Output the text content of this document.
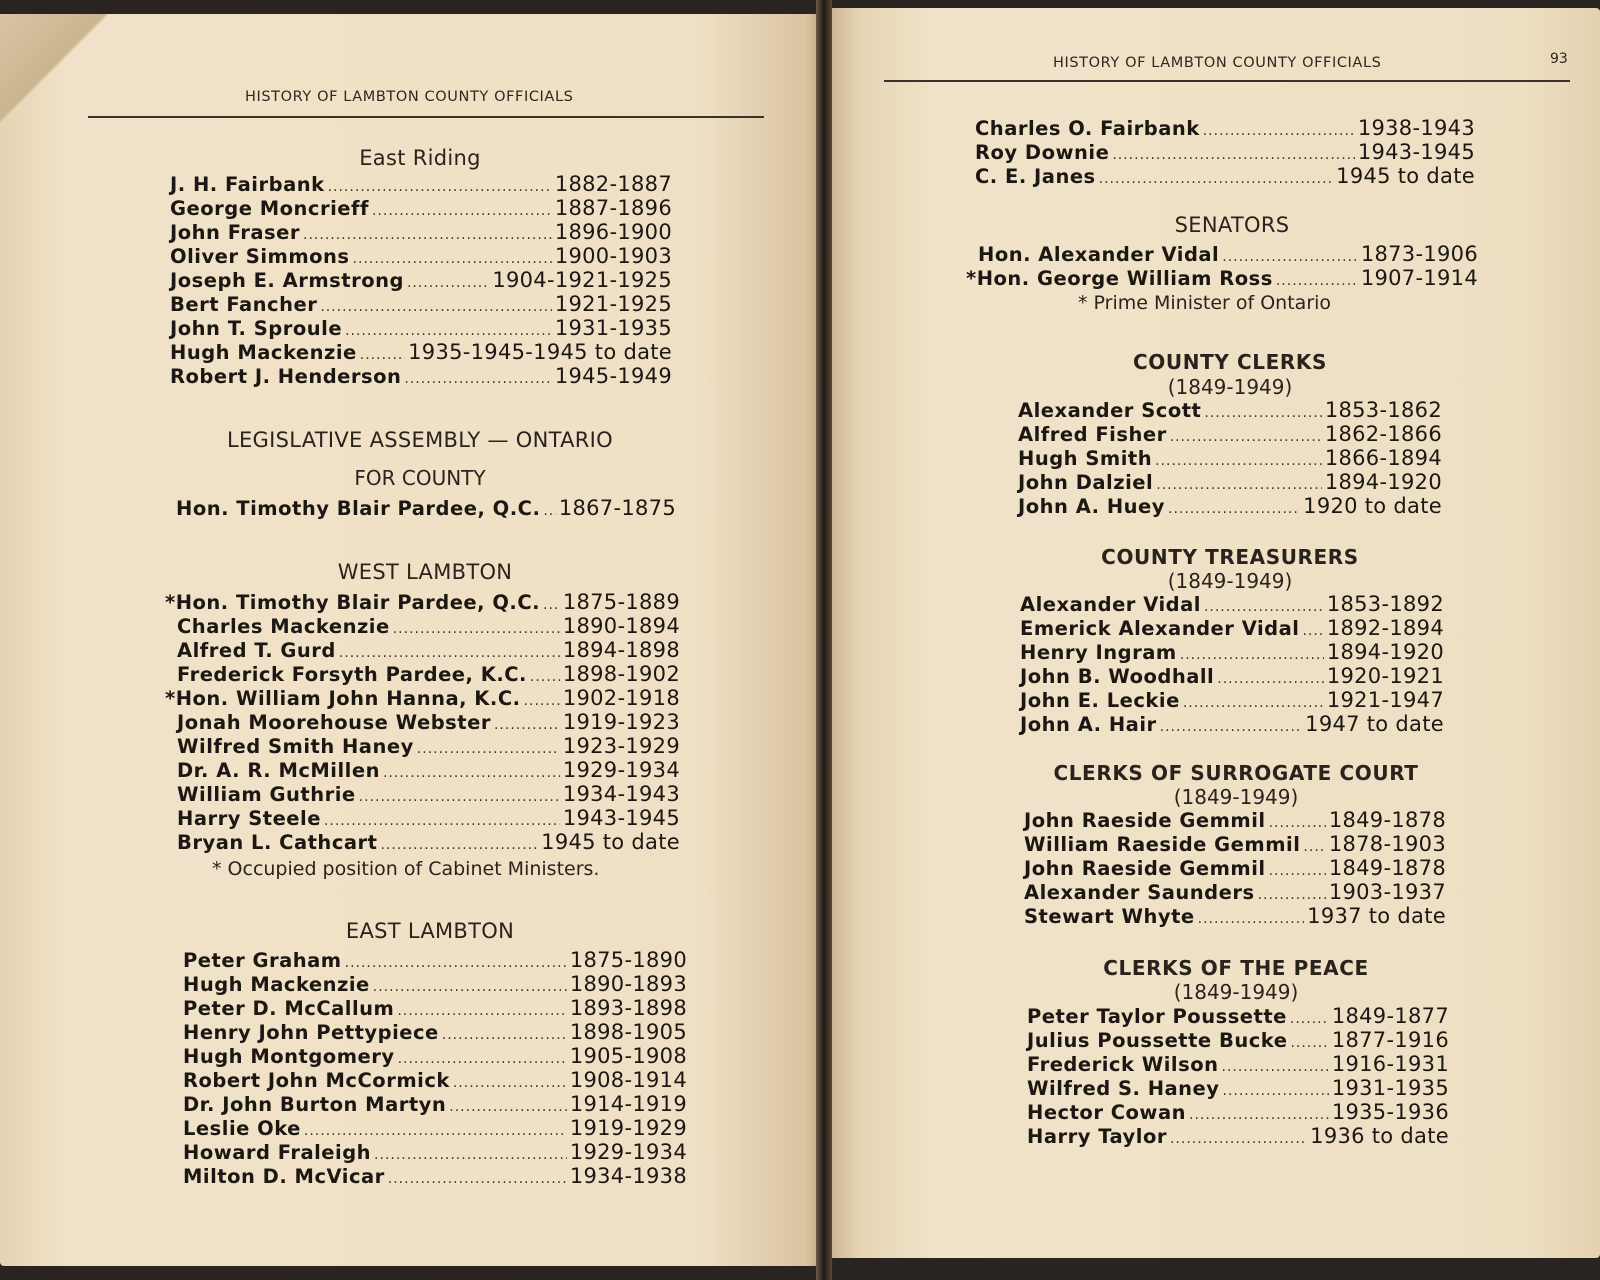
HISTORY OF LAMBTON COUNTY OFFICIALS
East Riding
J. H. Fairbank .....	1882-1887
George Moncrieff .....	1887-1896
John Fraser .....	1896-1900
Oliver Simmons .....	1900-1903
Joseph E. Armstrong .....	1904-1921-1925
Bert Fancher .....	1921-1925
John T. Sproule .....	1931-1935
Hugh Mackenzie ..... 1935-1945-1945 to date
Robert J. Henderson .....	1945-1949
LEGISLATIVE ASSEMBLY — ONTARIO
FOR COUNTY
Hon. Timothy Blair Pardee, Q.C. ..... 1867-1875
WEST LAMBTON
*Hon. Timothy Blair Pardee, Q.C. ..... 1875-1889
Charles Mackenzie .....	1890-1894
Alfred T. Gurd .....	1894-1898
Frederick Forsyth Pardee, K.C. ..... 1898-1902
*Hon. William John Hanna, K.C. ..... 1902-1918
Jonah Moorehouse Webster .....	1919-1923
Wilfred Smith Haney .....	1923-1929
Dr. A. R. McMillen .....	1929-1934
William Guthrie .....	1934-1943
Harry Steele .....	1943-1945
Bryan L. Cathcart .....	1945 to date
* Occupied position of Cabinet Ministers.
EAST LAMBTON
Peter Graham .....	1875-1890
Hugh Mackenzie .....	1890-1893
Peter D. McCallum .....	1893-1898
Henry John Pettypiece .....	1898-1905
Hugh Montgomery .....	1905-1908
Robert John McCormick .....	1908-1914
Dr. John Burton Martyn .....	1914-1919
Leslie Oke .....	1919-1929
Howard Fraleigh .....	1929-1934
Milton D. McVicar .....	1934-1938
HISTORY OF LAMBTON COUNTY OFFICIALS	93
Charles O. Fairbank .....	1938-1943
Roy Downie .....	1943-1945
C. E. Janes .....	1945 to date
SENATORS
Hon. Alexander Vidal .....	1873-1906
*Hon. George William Ross .....	1907-1914
* Prime Minister of Ontario
COUNTY CLERKS
(1849-1949)
Alexander Scott .....	1853-1862
Alfred Fisher .....	1862-1866
Hugh Smith .....	1866-1894
John Dalziel .....	1894-1920
John A. Huey .....	1920 to date
COUNTY TREASURERS
(1849-1949)
Alexander Vidal .....	1853-1892
Emerick Alexander Vidal ..... 1892-1894
Henry Ingram .....	1894-1920
John B. Woodhall .....	1920-1921
John E. Leckie .....	1921-1947
John A. Hair .....	1947 to date
CLERKS OF SURROGATE COURT
(1849-1949)
John Raeside Gemmil .....	1849-1878
William Raeside Gemmil ..... 1878-1903
John Raeside Gemmil .....	1849-1878
Alexander Saunders .....	1903-1937
Stewart Whyte .....	1937 to date
CLERKS OF THE PEACE
(1849-1949)
Peter Taylor Poussette ..... 1849-1877
Julius Poussette Bucke ..... 1877-1916
Frederick Wilson .....	1916-1931
Wilfred S. Haney .....	1931-1935
Hector Cowan .....	1935-1936
Harry Taylor .....	1936 to date
